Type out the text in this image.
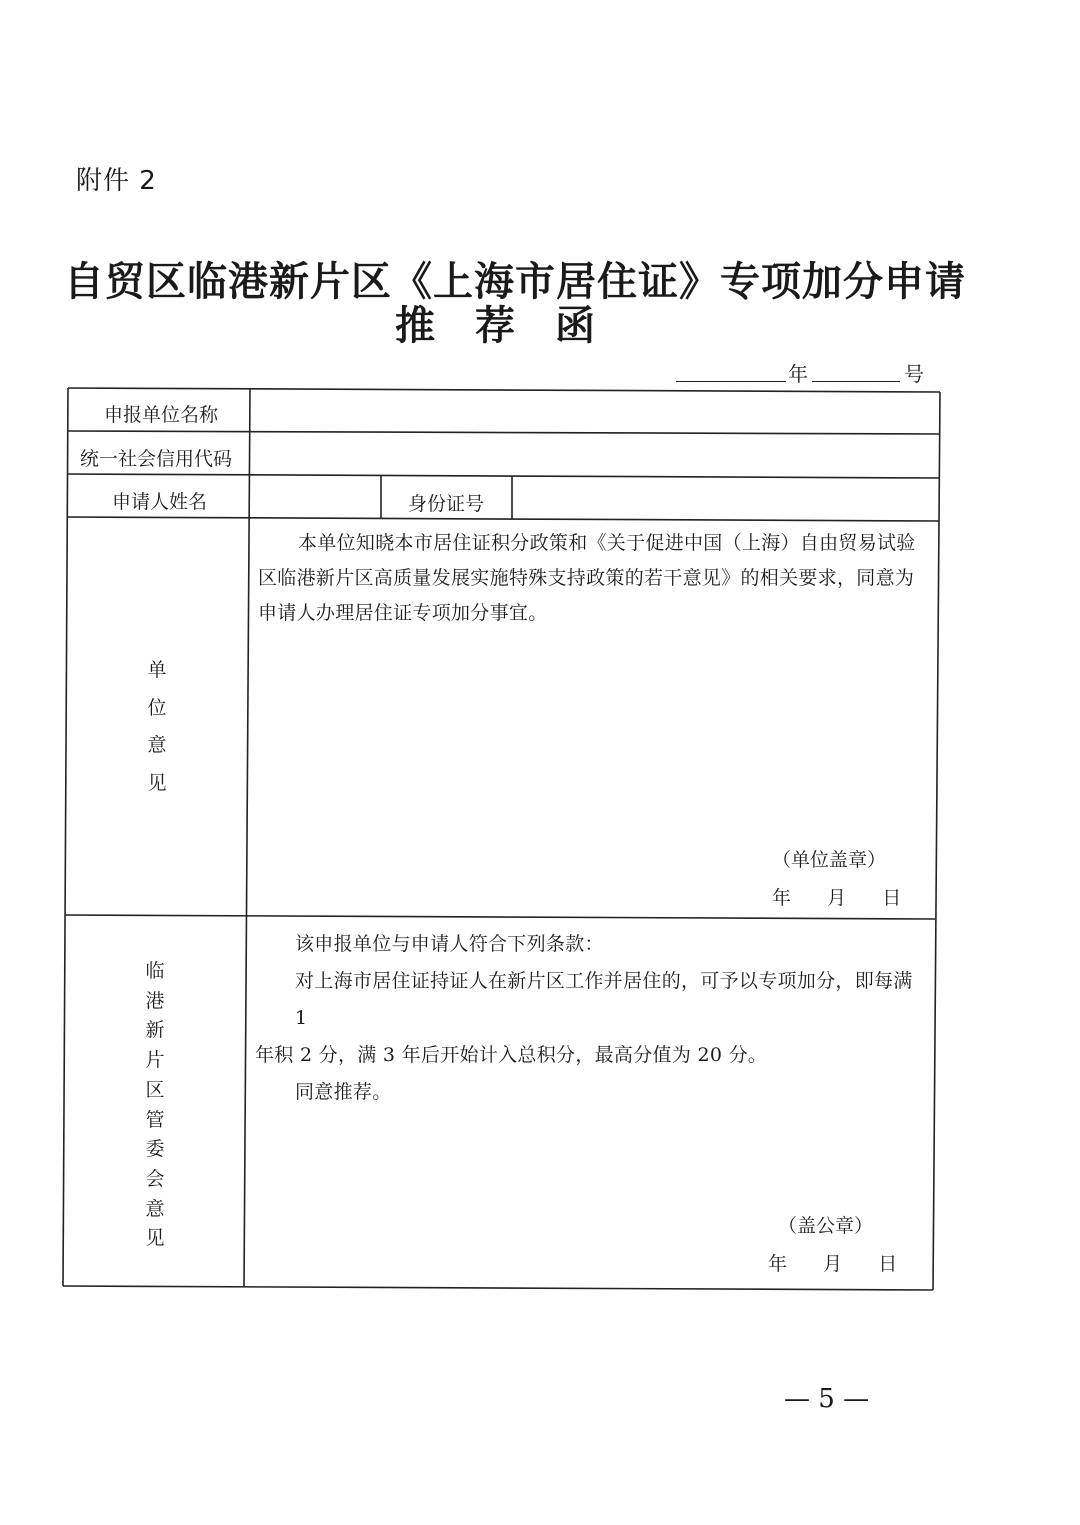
附件 2
自贸区临港新片区《上海市居住证》专项加分申请
推荐函
年	号
申报单位名称
统一社会信用代码
申请人姓名	身份证号
单
位
意
见

本单位知晓本市居住证积分政策和《关于促进中国（上海）自由贸易试验

区临港新片区高质量发展实施特殊支持政策的若干意见》的相关要求，同意为

申请人办理居住证专项加分事宜。

（单位盖章）
年 月 日
临
港
新
片
区
管
委
会
意
见

该申报单位与申请人符合下列条款：

对上海市居住证持证人在新片区工作并居住的，可予以专项加分，即每满 1

年积 2 分，满 3 年后开始计入总积分，最高分值为 20 分。

同意推荐。

（盖公章）
年 月 日
— 5 —
